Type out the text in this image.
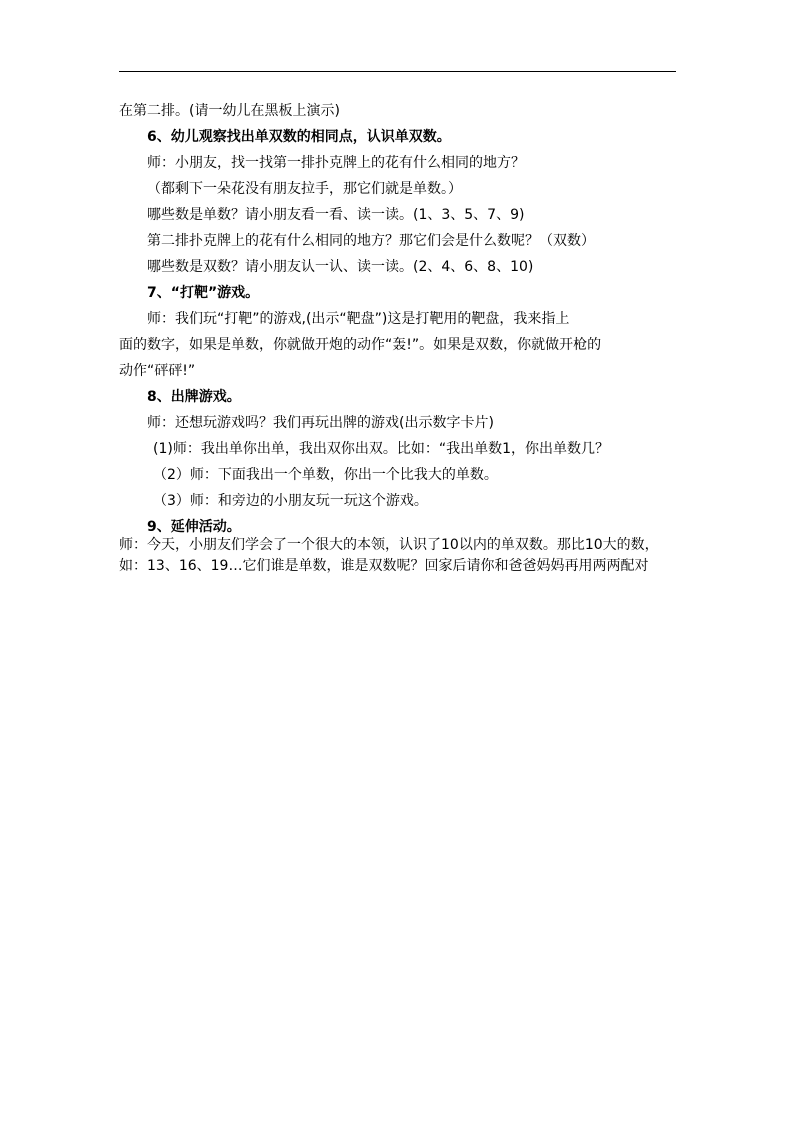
在第二排。(请一幼儿在黑板上演示)
6、幼儿观察找出单双数的相同点，认识单双数。
师：小朋友，找一找第一排扑克牌上的花有什么相同的地方？
（都剩下一朵花没有朋友拉手，那它们就是单数。）
哪些数是单数？请小朋友看一看、读一读。(1、3、5、7、9)
第二排扑克牌上的花有什么相同的地方？那它们会是什么数呢？（双数）
哪些数是双数？请小朋友认一认、读一读。(2、4、6、8、10)
7、“打靶”游戏。
师：我们玩“打靶”的游戏,(出示“靶盘”)这是打靶用的靶盘，我来指上
面的数字，如果是单数，你就做开炮的动作“轰!”。如果是双数，你就做开枪的
动作“砰砰!”
8、出牌游戏。
师：还想玩游戏吗？我们再玩出牌的游戏(出示数字卡片)
(1)师：我出单你出单，我出双你出双。比如：“我出单数1，你出单数几？
（2）师：下面我出一个单数，你出一个比我大的单数。
（3）师：和旁边的小朋友玩一玩这个游戏。
9、延伸活动。
师：今天，小朋友们学会了一个很大的本领，认识了10以内的单双数。那比10大的数，如：13、16、19…它们谁是单数，谁是双数呢？回家后请你和爸爸妈妈再用两两配对
